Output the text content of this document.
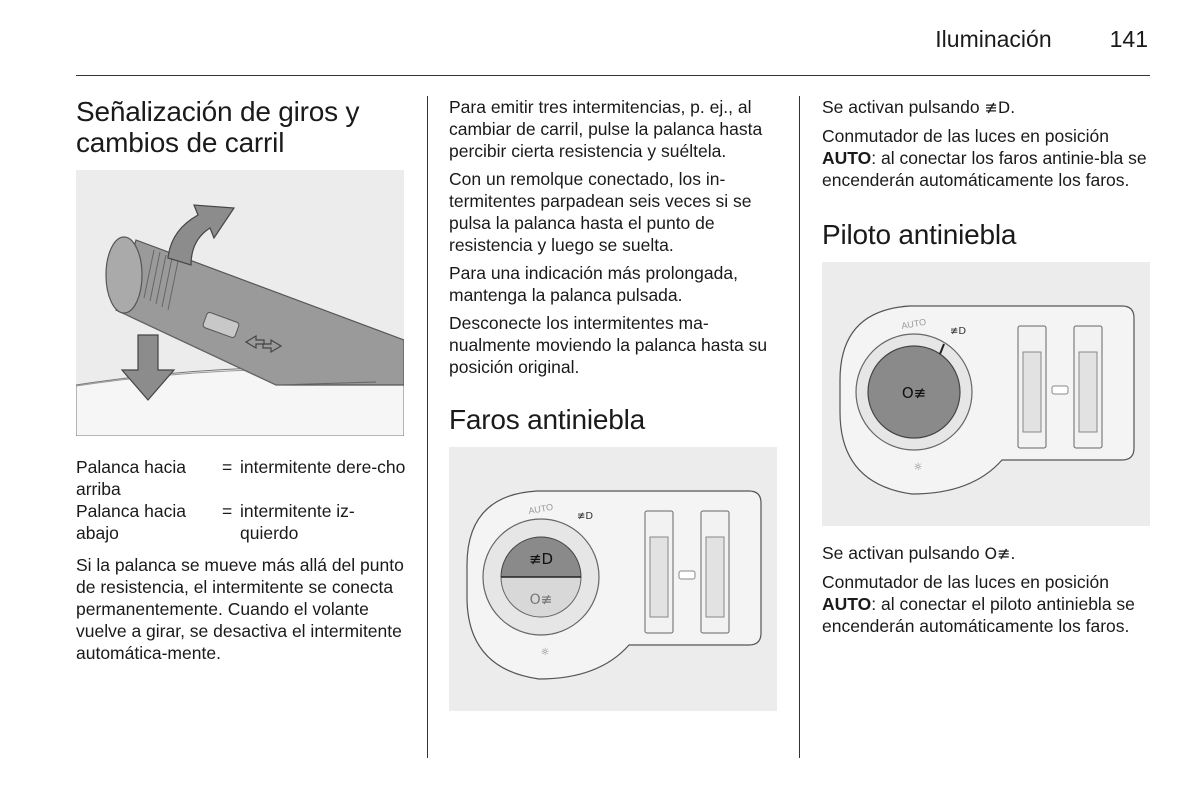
Iluminación	141
Señalización de giros y cambios de carril
Palanca hacia arriba
= intermitente dere-cho
Palanca hacia abajo
= intermitente iz-quierdo

Si la palanca se mueve más allá del punto de resistencia, el intermitente se conecta permanentemente. Cuando el volante vuelve a girar, se desactiva el intermitente automática-mente.

Para emitir tres intermitencias, p. ej., al cambiar de carril, pulse la palanca hasta percibir cierta resistencia y suéltela.

Con un remolque conectado, los in-termitentes parpadean seis veces si se pulsa la palanca hasta el punto de resistencia y luego se suelta.

Para una indicación más prolongada, mantenga la palanca pulsada.

Desconecte los intermitentes ma-nualmente moviendo la palanca hasta su posición original.

Faros antiniebla
≢D
O≢
AUTO
≢D
☼

Se activan pulsando ≢D.

Conmutador de las luces en posición AUTO: al conectar los faros antinie-bla se encenderán automáticamente los faros.

Piloto antiniebla
O≢
AUTO
≢D
☼

Se activan pulsando O≢.

Conmutador de las luces en posición AUTO: al conectar el piloto antiniebla se encenderán automáticamente los faros.
